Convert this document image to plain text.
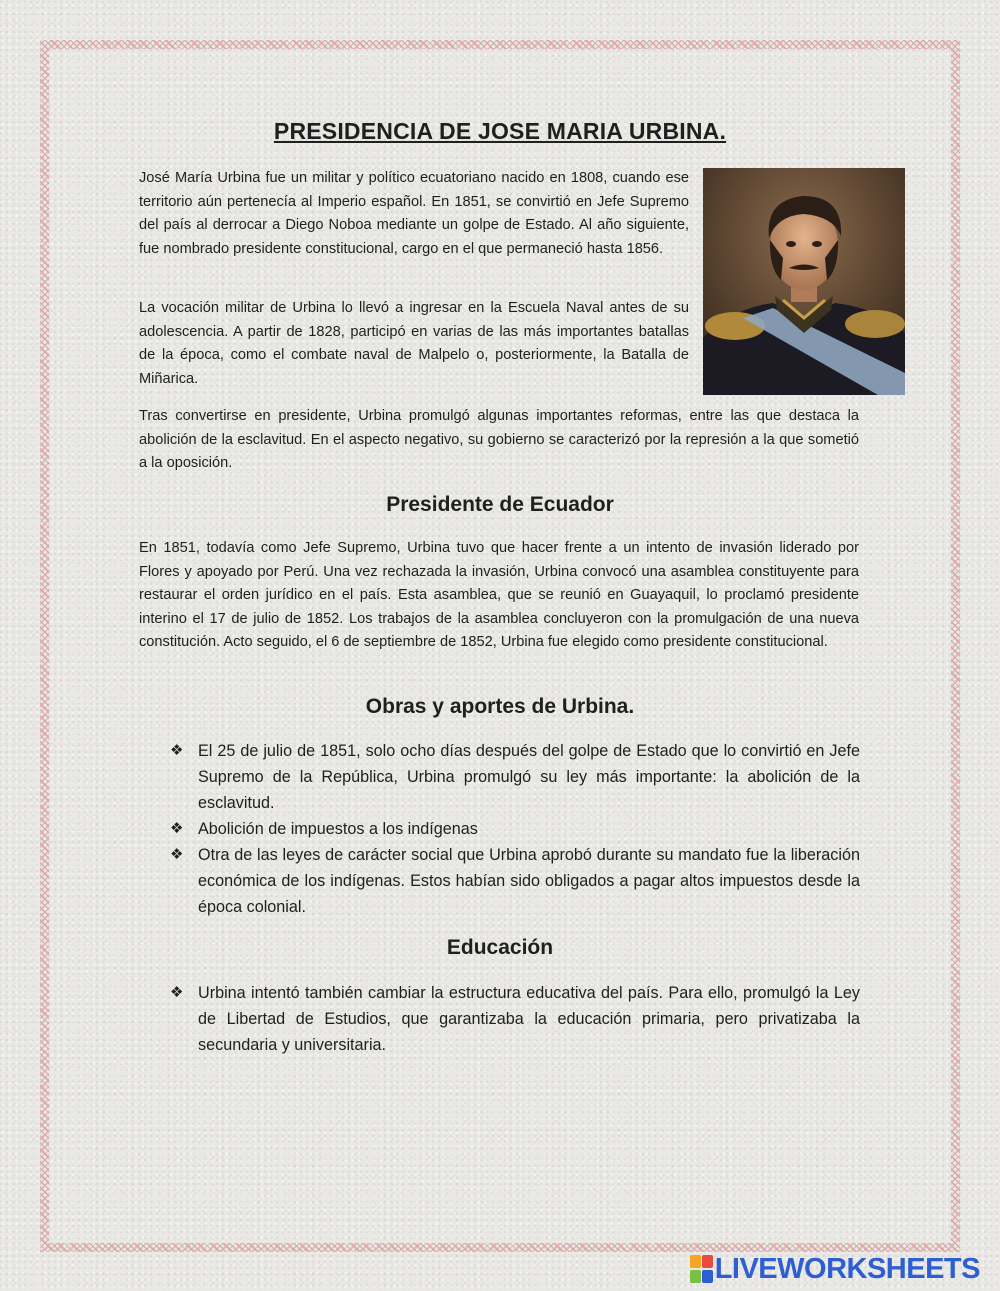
PRESIDENCIA DE JOSE MARIA URBINA.

José María Urbina fue un militar y político ecuatoriano nacido en 1808, cuando ese territorio aún pertenecía al Imperio español. En 1851, se convirtió en Jefe Supremo del país al derrocar a Diego Noboa mediante un golpe de Estado. Al año siguiente, fue nombrado presidente constitucional, cargo en el que permaneció hasta 1856.

La vocación militar de Urbina lo llevó a ingresar en la Escuela Naval antes de su adolescencia. A partir de 1828, participó en varias de las más importantes batallas de la época, como el combate naval de Malpelo o, posteriormente, la Batalla de Miñarica.

Tras convertirse en presidente, Urbina promulgó algunas importantes reformas, entre las que destaca la abolición de la esclavitud. En el aspecto negativo, su gobierno se caracterizó por la represión a la que sometió a la oposición.

Presidente de Ecuador

En 1851, todavía como Jefe Supremo, Urbina tuvo que hacer frente a un intento de invasión liderado por Flores y apoyado por Perú. Una vez rechazada la invasión, Urbina convocó una asamblea constituyente para restaurar el orden jurídico en el país. Esta asamblea, que se reunió en Guayaquil, lo proclamó presidente interino el 17 de julio de 1852. Los trabajos de la asamblea concluyeron con la promulgación de una nueva constitución. Acto seguido, el 6 de septiembre de 1852, Urbina fue elegido como presidente constitucional.

Obras y aportes de Urbina.
❖ El 25 de julio de 1851, solo ocho días después del golpe de Estado que lo convirtió en Jefe Supremo de la República, Urbina promulgó su ley más importante: la abolición de la esclavitud.
❖ Abolición de impuestos a los indígenas
❖ Otra de las leyes de carácter social que Urbina aprobó durante su mandato fue la liberación económica de los indígenas. Estos habían sido obligados a pagar altos impuestos desde la época colonial.
Educación
❖ Urbina intentó también cambiar la estructura educativa del país. Para ello, promulgó la Ley de Libertad de Estudios, que garantizaba la educación primaria, pero privatizaba la secundaria y universitaria.
LIVEWORKSHEETS
